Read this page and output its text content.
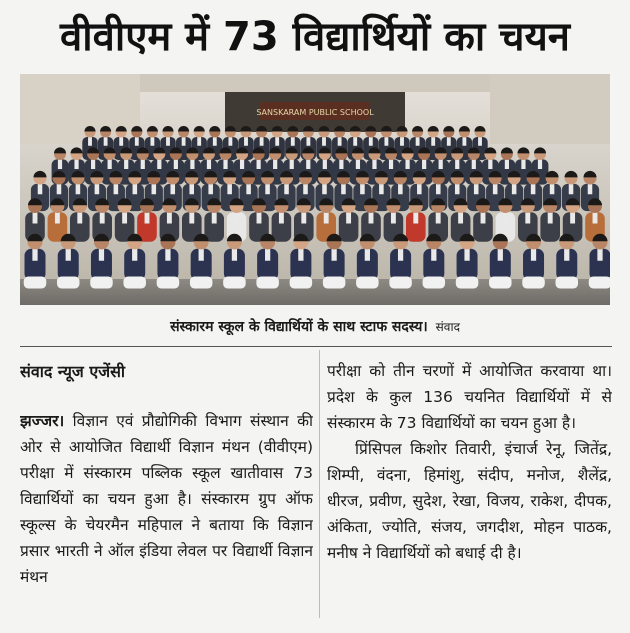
वीवीएम में 73 विद्यार्थियों का चयन
SANSKARAM PUBLIC SCHOOL
संस्कारम स्कूल के विद्यार्थियों के साथ स्टाफ सदस्य। संवाद
संवाद न्यूज एजेंसी

झज्जर। विज्ञान एवं प्रौद्योगिकी विभाग संस्थान की ओर से आयोजित विद्यार्थी विज्ञान मंथन (वीवीएम) परीक्षा में संस्कारम पब्लिक स्कूल खातीवास 73 विद्यार्थियों का चयन हुआ है। संस्कारम ग्रुप ऑफ स्कूल्स के चेयरमैन महिपाल ने बताया कि विज्ञान प्रसार भारती ने ऑल इंडिया लेवल पर विद्यार्थी विज्ञान मंथन

परीक्षा को तीन चरणों में आयोजित करवाया था। प्रदेश के कुल 136 चयनित विद्यार्थियों में से संस्कारम के 73 विद्यार्थियों का चयन हुआ है।

प्रिंसिपल किशोर तिवारी, इंचार्ज रेनू, जितेंद्र, शिम्पी, वंदना, हिमांशु, संदीप, मनोज, शैलेंद्र, धीरज, प्रवीण, सुदेश, रेखा, विजय, राकेश, दीपक, अंकिता, ज्योति, संजय, जगदीश, मोहन पाठक, मनीष ने विद्यार्थियों को बधाई दी है।
